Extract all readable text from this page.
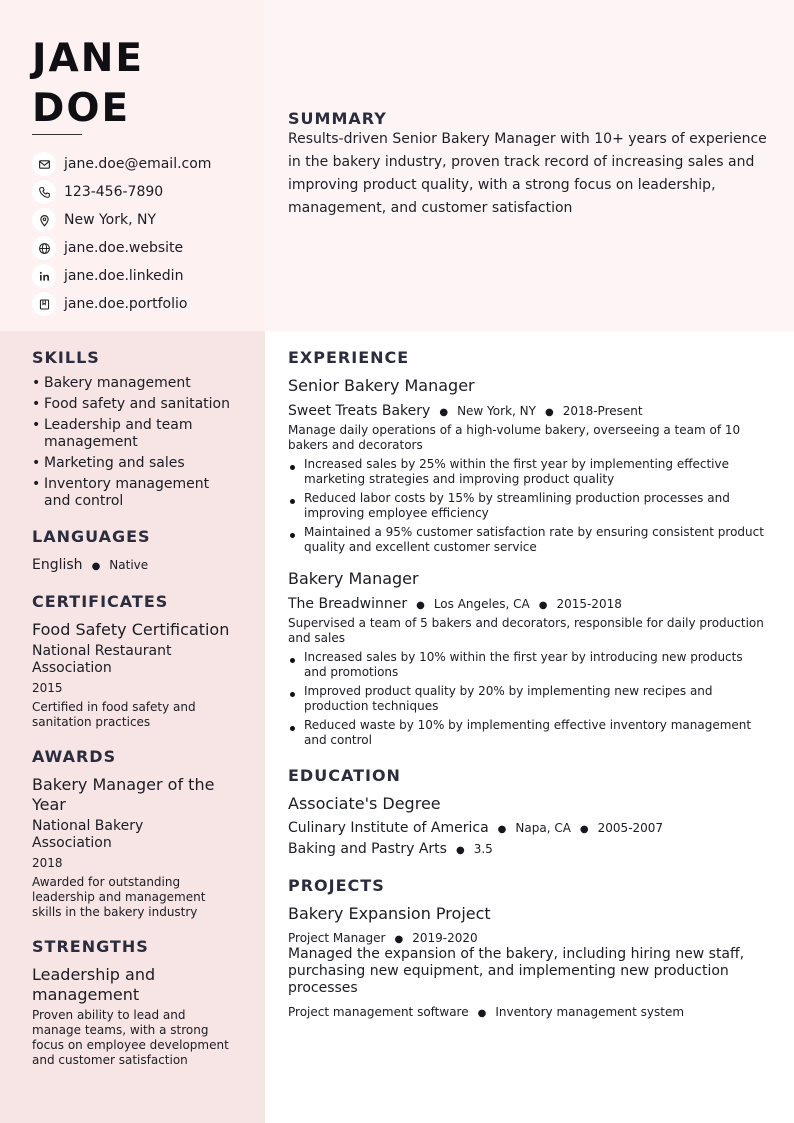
JANE
DOE
jane.doe@email.com
123-456-7890
New York, NY
jane.doe.website
jane.doe.linkedin
jane.doe.portfolio
SUMMARY
Results-driven Senior Bakery Manager with 10+ years of experience in the bakery industry, proven track record of increasing sales and improving product quality, with a strong focus on leadership, management, and customer satisfaction
SKILLS
• Bakery management
• Food safety and sanitation
• Leadership and team management
• Marketing and sales
• Inventory management and control
LANGUAGES
English ● Native
CERTIFICATES
Food Safety Certification
National Restaurant Association
2015
Certified in food safety and sanitation practices
AWARDS
Bakery Manager of the Year
National Bakery Association
2018
Awarded for outstanding leadership and management skills in the bakery industry
STRENGTHS
Leadership and management
Proven ability to lead and manage teams, with a strong focus on employee development and customer satisfaction
EXPERIENCE
Senior Bakery Manager
Sweet Treats Bakery ● New York, NY ● 2018-Present
Manage daily operations of a high-volume bakery, overseeing a team of 10 bakers and decorators
Increased sales by 25% within the first year by implementing effective marketing strategies and improving product quality
Reduced labor costs by 15% by streamlining production processes and improving employee efficiency
Maintained a 95% customer satisfaction rate by ensuring consistent product quality and excellent customer service
Bakery Manager
The Breadwinner ● Los Angeles, CA ● 2015-2018
Supervised a team of 5 bakers and decorators, responsible for daily production and sales
Increased sales by 10% within the first year by introducing new products and promotions
Improved product quality by 20% by implementing new recipes and production techniques
Reduced waste by 10% by implementing effective inventory management and control
EDUCATION
Associate's Degree
Culinary Institute of America ● Napa, CA ● 2005-2007
Baking and Pastry Arts ● 3.5
PROJECTS
Bakery Expansion Project
Project Manager ● 2019-2020
Managed the expansion of the bakery, including hiring new staff, purchasing new equipment, and implementing new production processes
Project management software ● Inventory management system
